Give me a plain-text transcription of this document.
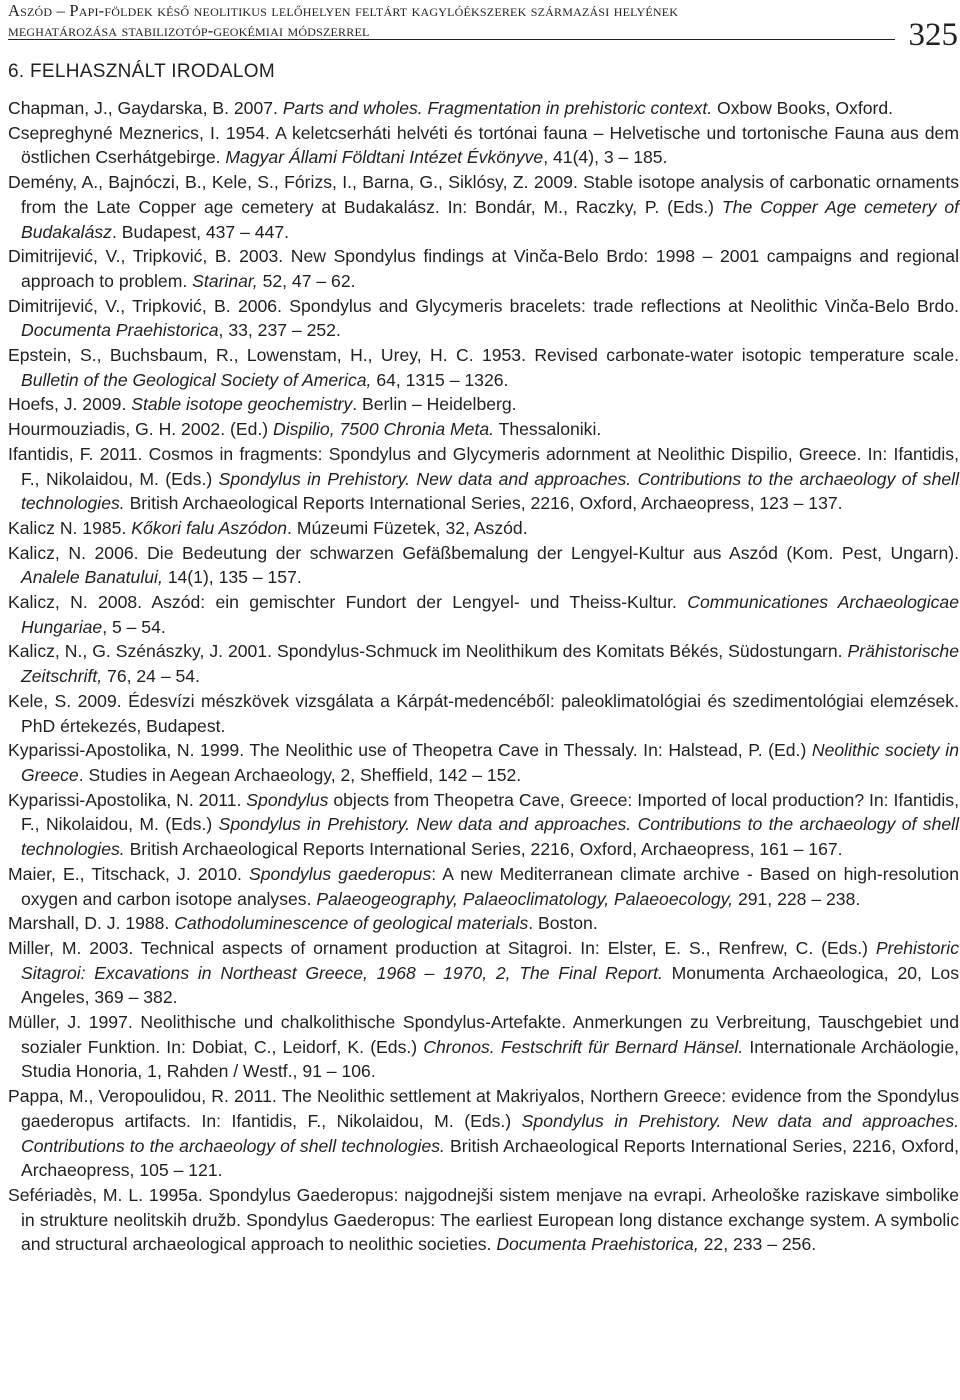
Aszód – Papi-földek késő neolitikus lelőhelyen feltárt kagylóékszerek származási helyének
meghatározása stabilizotóp-geokémiai módszerrel	325
6. FELHASZNÁLT IRODALOM

Chapman, J., Gaydarska, B. 2007. Parts and wholes. Fragmentation in prehistoric context. Oxbow Books, Oxford.

Csepreghyné Meznerics, I. 1954. A keletcserháti helvéti és tortónai fauna – Helvetische und tortonische Fauna aus dem östlichen Cserhátgebirge. Magyar Állami Földtani Intézet Évkönyve, 41(4), 3 – 185.

Demény, A., Bajnóczi, B., Kele, S., Fórizs, I., Barna, G., Siklósy, Z. 2009. Stable isotope analysis of carbonatic ornaments from the Late Copper age cemetery at Budakalász. In: Bondár, M., Raczky, P. (Eds.) The Copper Age cemetery of Budakalász. Budapest, 437 – 447.

Dimitrijević, V., Tripković, B. 2003. New Spondylus findings at Vinča-Belo Brdo: 1998 – 2001 campaigns and regional approach to problem. Starinar, 52, 47 – 62.

Dimitrijević, V., Tripković, B. 2006. Spondylus and Glycymeris bracelets: trade reflections at Neolithic Vinča-Belo Brdo. Documenta Praehistorica, 33, 237 – 252.

Epstein, S., Buchsbaum, R., Lowenstam, H., Urey, H. C. 1953. Revised carbonate-water isotopic temperature scale. Bulletin of the Geological Society of America, 64, 1315 – 1326.

Hoefs, J. 2009. Stable isotope geochemistry. Berlin – Heidelberg.

Hourmouziadis, G. H. 2002. (Ed.) Dispilio, 7500 Chronia Meta. Thessaloniki.

Ifantidis, F. 2011. Cosmos in fragments: Spondylus and Glycymeris adornment at Neolithic Dispilio, Greece. In: Ifantidis, F., Nikolaidou, M. (Eds.) Spondylus in Prehistory. New data and approaches. Contributions to the archaeology of shell technologies. British Archaeological Reports International Series, 2216, Oxford, Archaeopress, 123 – 137.

Kalicz N. 1985. Kőkori falu Aszódon. Múzeumi Füzetek, 32, Aszód.

Kalicz, N. 2006. Die Bedeutung der schwarzen Gefäßbemalung der Lengyel-Kultur aus Aszód (Kom. Pest, Ungarn). Analele Banatului, 14(1), 135 – 157.

Kalicz, N. 2008. Aszód: ein gemischter Fundort der Lengyel- und Theiss-Kultur. Communicationes Archaeologicae Hungariae, 5 – 54.

Kalicz, N., G. Szénászky, J. 2001. Spondylus-Schmuck im Neolithikum des Komitats Békés, Südostungarn. Prähistorische Zeitschrift, 76, 24 – 54.

Kele, S. 2009. Édesvízi mészkövek vizsgálata a Kárpát-medencéből: paleoklimatológiai és szedimentológiai elemzések. PhD értekezés, Budapest.

Kyparissi-Apostolika, N. 1999. The Neolithic use of Theopetra Cave in Thessaly. In: Halstead, P. (Ed.) Neolithic society in Greece. Studies in Aegean Archaeology, 2, Sheffield, 142 – 152.

Kyparissi-Apostolika, N. 2011. Spondylus objects from Theopetra Cave, Greece: Imported of local production? In: Ifantidis, F., Nikolaidou, M. (Eds.) Spondylus in Prehistory. New data and approaches. Contributions to the archaeology of shell technologies. British Archaeological Reports International Series, 2216, Oxford, Archaeopress, 161 – 167.

Maier, E., Titschack, J. 2010. Spondylus gaederopus: A new Mediterranean climate archive - Based on high-resolution oxygen and carbon isotope analyses. Palaeogeography, Palaeoclimatology, Palaeoecology, 291, 228 – 238.

Marshall, D. J. 1988. Cathodoluminescence of geological materials. Boston.

Miller, M. 2003. Technical aspects of ornament production at Sitagroi. In: Elster, E. S., Renfrew, C. (Eds.) Prehistoric Sitagroi: Excavations in Northeast Greece, 1968 – 1970, 2, The Final Report. Monumenta Archaeologica, 20, Los Angeles, 369 – 382.

Müller, J. 1997. Neolithische und chalkolithische Spondylus-Artefakte. Anmerkungen zu Verbreitung, Tauschgebiet und sozialer Funktion. In: Dobiat, C., Leidorf, K. (Eds.) Chronos. Festschrift für Bernard Hänsel. Internationale Archäologie, Studia Honoria, 1, Rahden / Westf., 91 – 106.

Pappa, M., Veropoulidou, R. 2011. The Neolithic settlement at Makriyalos, Northern Greece: evidence from the Spondylus gaederopus artifacts. In: Ifantidis, F., Nikolaidou, M. (Eds.) Spondylus in Prehistory. New data and approaches. Contributions to the archaeology of shell technologies. British Archaeological Reports International Series, 2216, Oxford, Archaeopress, 105 – 121.

Sefériadès, M. L. 1995a. Spondylus Gaederopus: najgodnejši sistem menjave na evrapi. Arheološke raziskave simbolike in strukture neolitskih družb. Spondylus Gaederopus: The earliest European long distance exchange system. A symbolic and structural archaeological approach to neolithic societies. Documenta Praehistorica, 22, 233 – 256.
